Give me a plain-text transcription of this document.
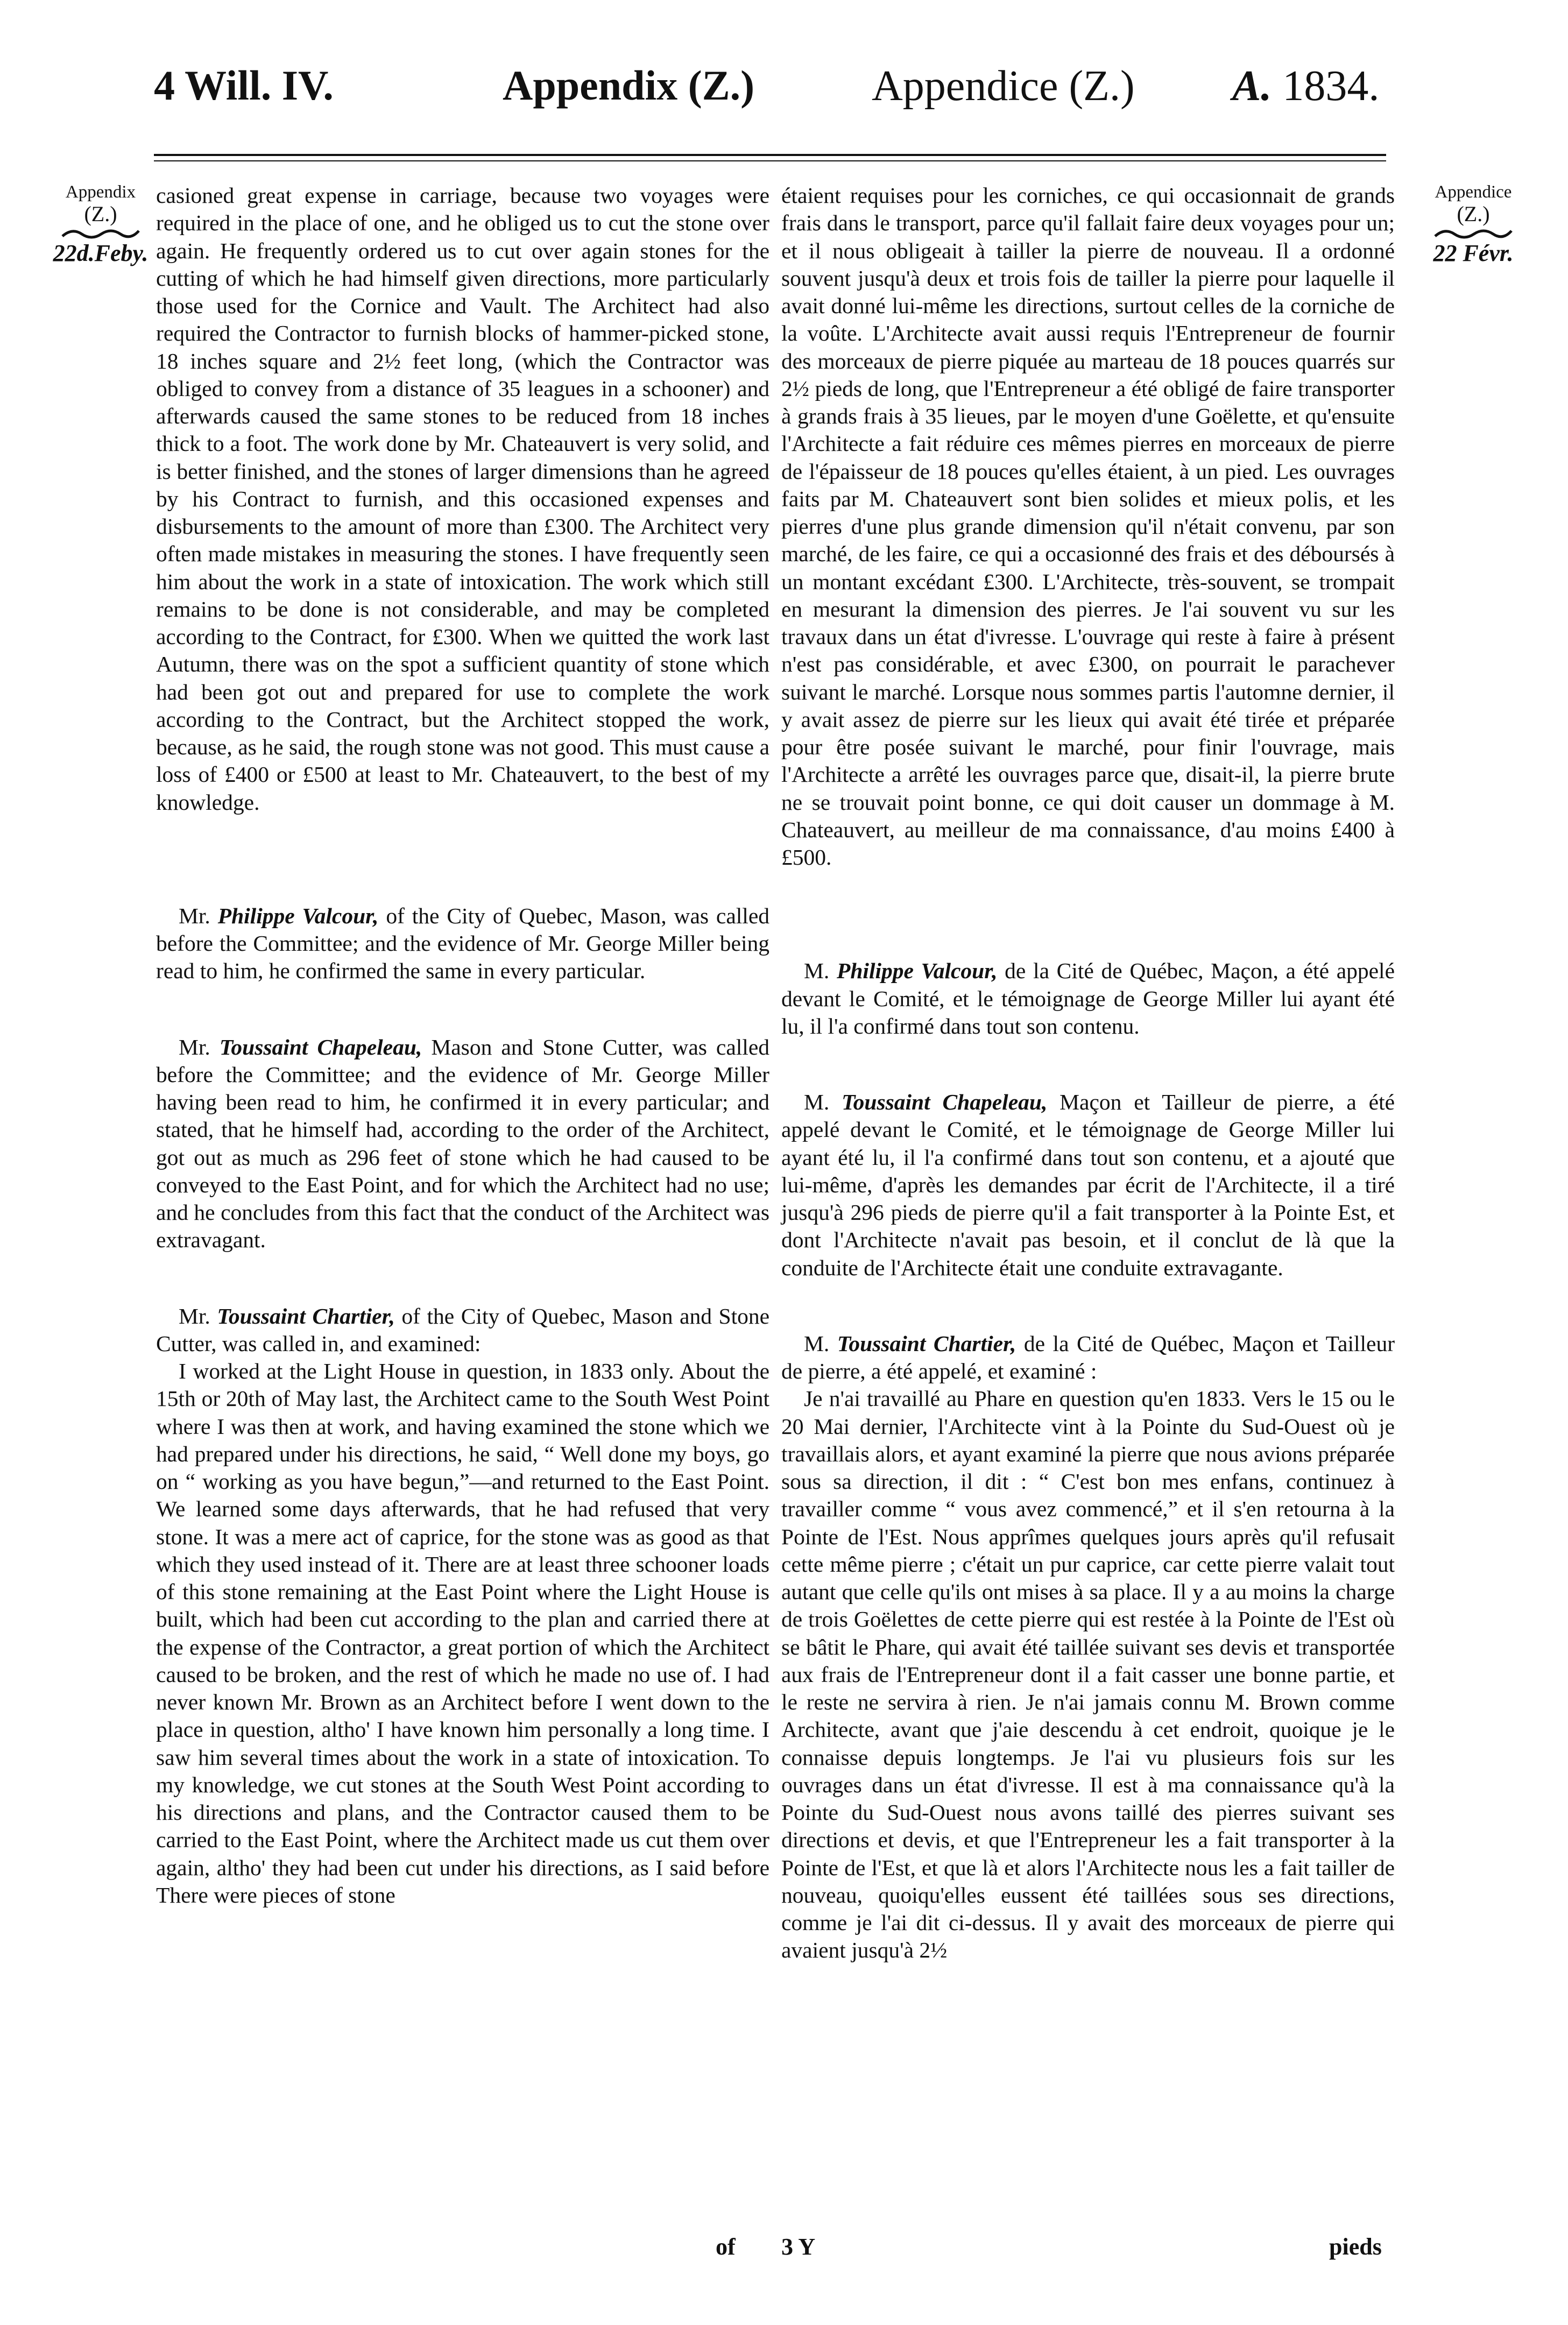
4 Will. IV.	Appendix (Z.)	Appendice (Z.) A. 1834.
Appendix
(Z.)
22d.Feby.
Appendice
(Z.)
22 Févr.

casioned great expense in carriage, because two voyages were required in the place of one, and he obliged us to cut the stone over again. He frequently ordered us to cut over again stones for the cutting of which he had himself given directions, more particularly those used for the Cornice and Vault. The Architect had also required the Contractor to furnish blocks of hammer-picked stone, 18 inches square and 2½ feet long, (which the Contractor was obliged to convey from a distance of 35 leagues in a schooner) and afterwards caused the same stones to be reduced from 18 inches thick to a foot. The work done by Mr. Chateauvert is very solid, and is better finished, and the stones of larger dimensions than he agreed by his Contract to furnish, and this occasioned expenses and disbursements to the amount of more than £300. The Architect very often made mistakes in measuring the stones. I have frequently seen him about the work in a state of intoxication. The work which still remains to be done is not considerable, and may be completed according to the Contract, for £300. When we quitted the work last Autumn, there was on the spot a sufficient quantity of stone which had been got out and prepared for use to complete the work according to the Contract, but the Architect stopped the work, because, as he said, the rough stone was not good. This must cause a loss of £400 or £500 at least to Mr. Chateauvert, to the best of my knowledge.

Mr. Philippe Valcour, of the City of Quebec, Mason, was called before the Committee; and the evidence of Mr. George Miller being read to him, he confirmed the same in every particular.

Mr. Toussaint Chapeleau, Mason and Stone Cutter, was called before the Committee; and the evidence of Mr. George Miller having been read to him, he confirmed it in every particular; and stated, that he himself had, according to the order of the Architect, got out as much as 296 feet of stone which he had caused to be conveyed to the East Point, and for which the Architect had no use; and he concludes from this fact that the conduct of the Architect was extravagant.

Mr. Toussaint Chartier, of the City of Quebec, Mason and Stone Cutter, was called in, and examined:

I worked at the Light House in question, in 1833 only. About the 15th or 20th of May last, the Architect came to the South West Point where I was then at work, and having examined the stone which we had prepared under his directions, he said, “ Well done my boys, go on “ working as you have begun,”—and returned to the East Point. We learned some days afterwards, that he had refused that very stone. It was a mere act of caprice, for the stone was as good as that which they used instead of it. There are at least three schooner loads of this stone remaining at the East Point where the Light House is built, which had been cut according to the plan and carried there at the expense of the Contractor, a great portion of which the Architect caused to be broken, and the rest of which he made no use of. I had never known Mr. Brown as an Architect before I went down to the place in question, altho' I have known him personally a long time. I saw him several times about the work in a state of intoxication. To my knowledge, we cut stones at the South West Point according to his directions and plans, and the Contractor caused them to be carried to the East Point, where the Architect made us cut them over again, altho' they had been cut under his directions, as I said before There were pieces of stone

étaient requises pour les corniches, ce qui occasionnait de grands frais dans le transport, parce qu'il fallait faire deux voyages pour un; et il nous obligeait à tailler la pierre de nouveau. Il a ordonné souvent jusqu'à deux et trois fois de tailler la pierre pour laquelle il avait donné lui-même les directions, surtout celles de la corniche de la voûte. L'Architecte avait aussi requis l'Entrepreneur de fournir des morceaux de pierre piquée au marteau de 18 pouces quarrés sur 2½ pieds de long, que l'Entrepreneur a été obligé de faire transporter à grands frais à 35 lieues, par le moyen d'une Goëlette, et qu'ensuite l'Architecte a fait réduire ces mêmes pierres en morceaux de pierre de l'épaisseur de 18 pouces qu'elles étaient, à un pied. Les ouvrages faits par M. Chateauvert sont bien solides et mieux polis, et les pierres d'une plus grande dimension qu'il n'était convenu, par son marché, de les faire, ce qui a occasionné des frais et des déboursés à un montant excédant £300. L'Architecte, très-souvent, se trompait en mesurant la dimension des pierres. Je l'ai souvent vu sur les travaux dans un état d'ivresse. L'ouvrage qui reste à faire à présent n'est pas considérable, et avec £300, on pourrait le parachever suivant le marché. Lorsque nous sommes partis l'automne dernier, il y avait assez de pierre sur les lieux qui avait été tirée et préparée pour être posée suivant le marché, pour finir l'ouvrage, mais l'Architecte a arrêté les ouvrages parce que, disait-il, la pierre brute ne se trouvait point bonne, ce qui doit causer un dommage à M. Chateauvert, au meilleur de ma connaissance, d'au moins £400 à £500.

M. Philippe Valcour, de la Cité de Québec, Maçon, a été appelé devant le Comité, et le témoignage de George Miller lui ayant été lu, il l'a confirmé dans tout son contenu.

M. Toussaint Chapeleau, Maçon et Tailleur de pierre, a été appelé devant le Comité, et le témoignage de George Miller lui ayant été lu, il l'a confirmé dans tout son contenu, et a ajouté que lui-même, d'après les demandes par écrit de l'Architecte, il a tiré jusqu'à 296 pieds de pierre qu'il a fait transporter à la Pointe Est, et dont l'Architecte n'avait pas besoin, et il conclut de là que la conduite de l'Architecte était une conduite extravagante.

M. Toussaint Chartier, de la Cité de Québec, Maçon et Tailleur de pierre, a été appelé, et examiné :

Je n'ai travaillé au Phare en question qu'en 1833. Vers le 15 ou le 20 Mai dernier, l'Architecte vint à la Pointe du Sud-Ouest où je travaillais alors, et ayant examiné la pierre que nous avions préparée sous sa direction, il dit : “ C'est bon mes enfans, continuez à travailler comme “ vous avez commencé,” et il s'en retourna à la Pointe de l'Est. Nous apprîmes quelques jours après qu'il refusait cette même pierre ; c'était un pur caprice, car cette pierre valait tout autant que celle qu'ils ont mises à sa place. Il y a au moins la charge de trois Goëlettes de cette pierre qui est restée à la Pointe de l'Est où se bâtit le Phare, qui avait été taillée suivant ses devis et transportée aux frais de l'Entrepreneur dont il a fait casser une bonne partie, et le reste ne servira à rien. Je n'ai jamais connu M. Brown comme Architecte, avant que j'aie descendu à cet endroit, quoique je le connaisse depuis longtemps. Je l'ai vu plusieurs fois sur les ouvrages dans un état d'ivresse. Il est à ma connaissance qu'à la Pointe du Sud-Ouest nous avons taillé des pierres suivant ses directions et devis, et que l'Entrepreneur les a fait transporter à la Pointe de l'Est, et que là et alors l'Architecte nous les a fait tailler de nouveau, quoiqu'elles eussent été taillées sous ses directions, comme je l'ai dit ci-dessus. Il y avait des morceaux de pierre qui avaient jusqu'à 2½

of 3 Y	pieds
